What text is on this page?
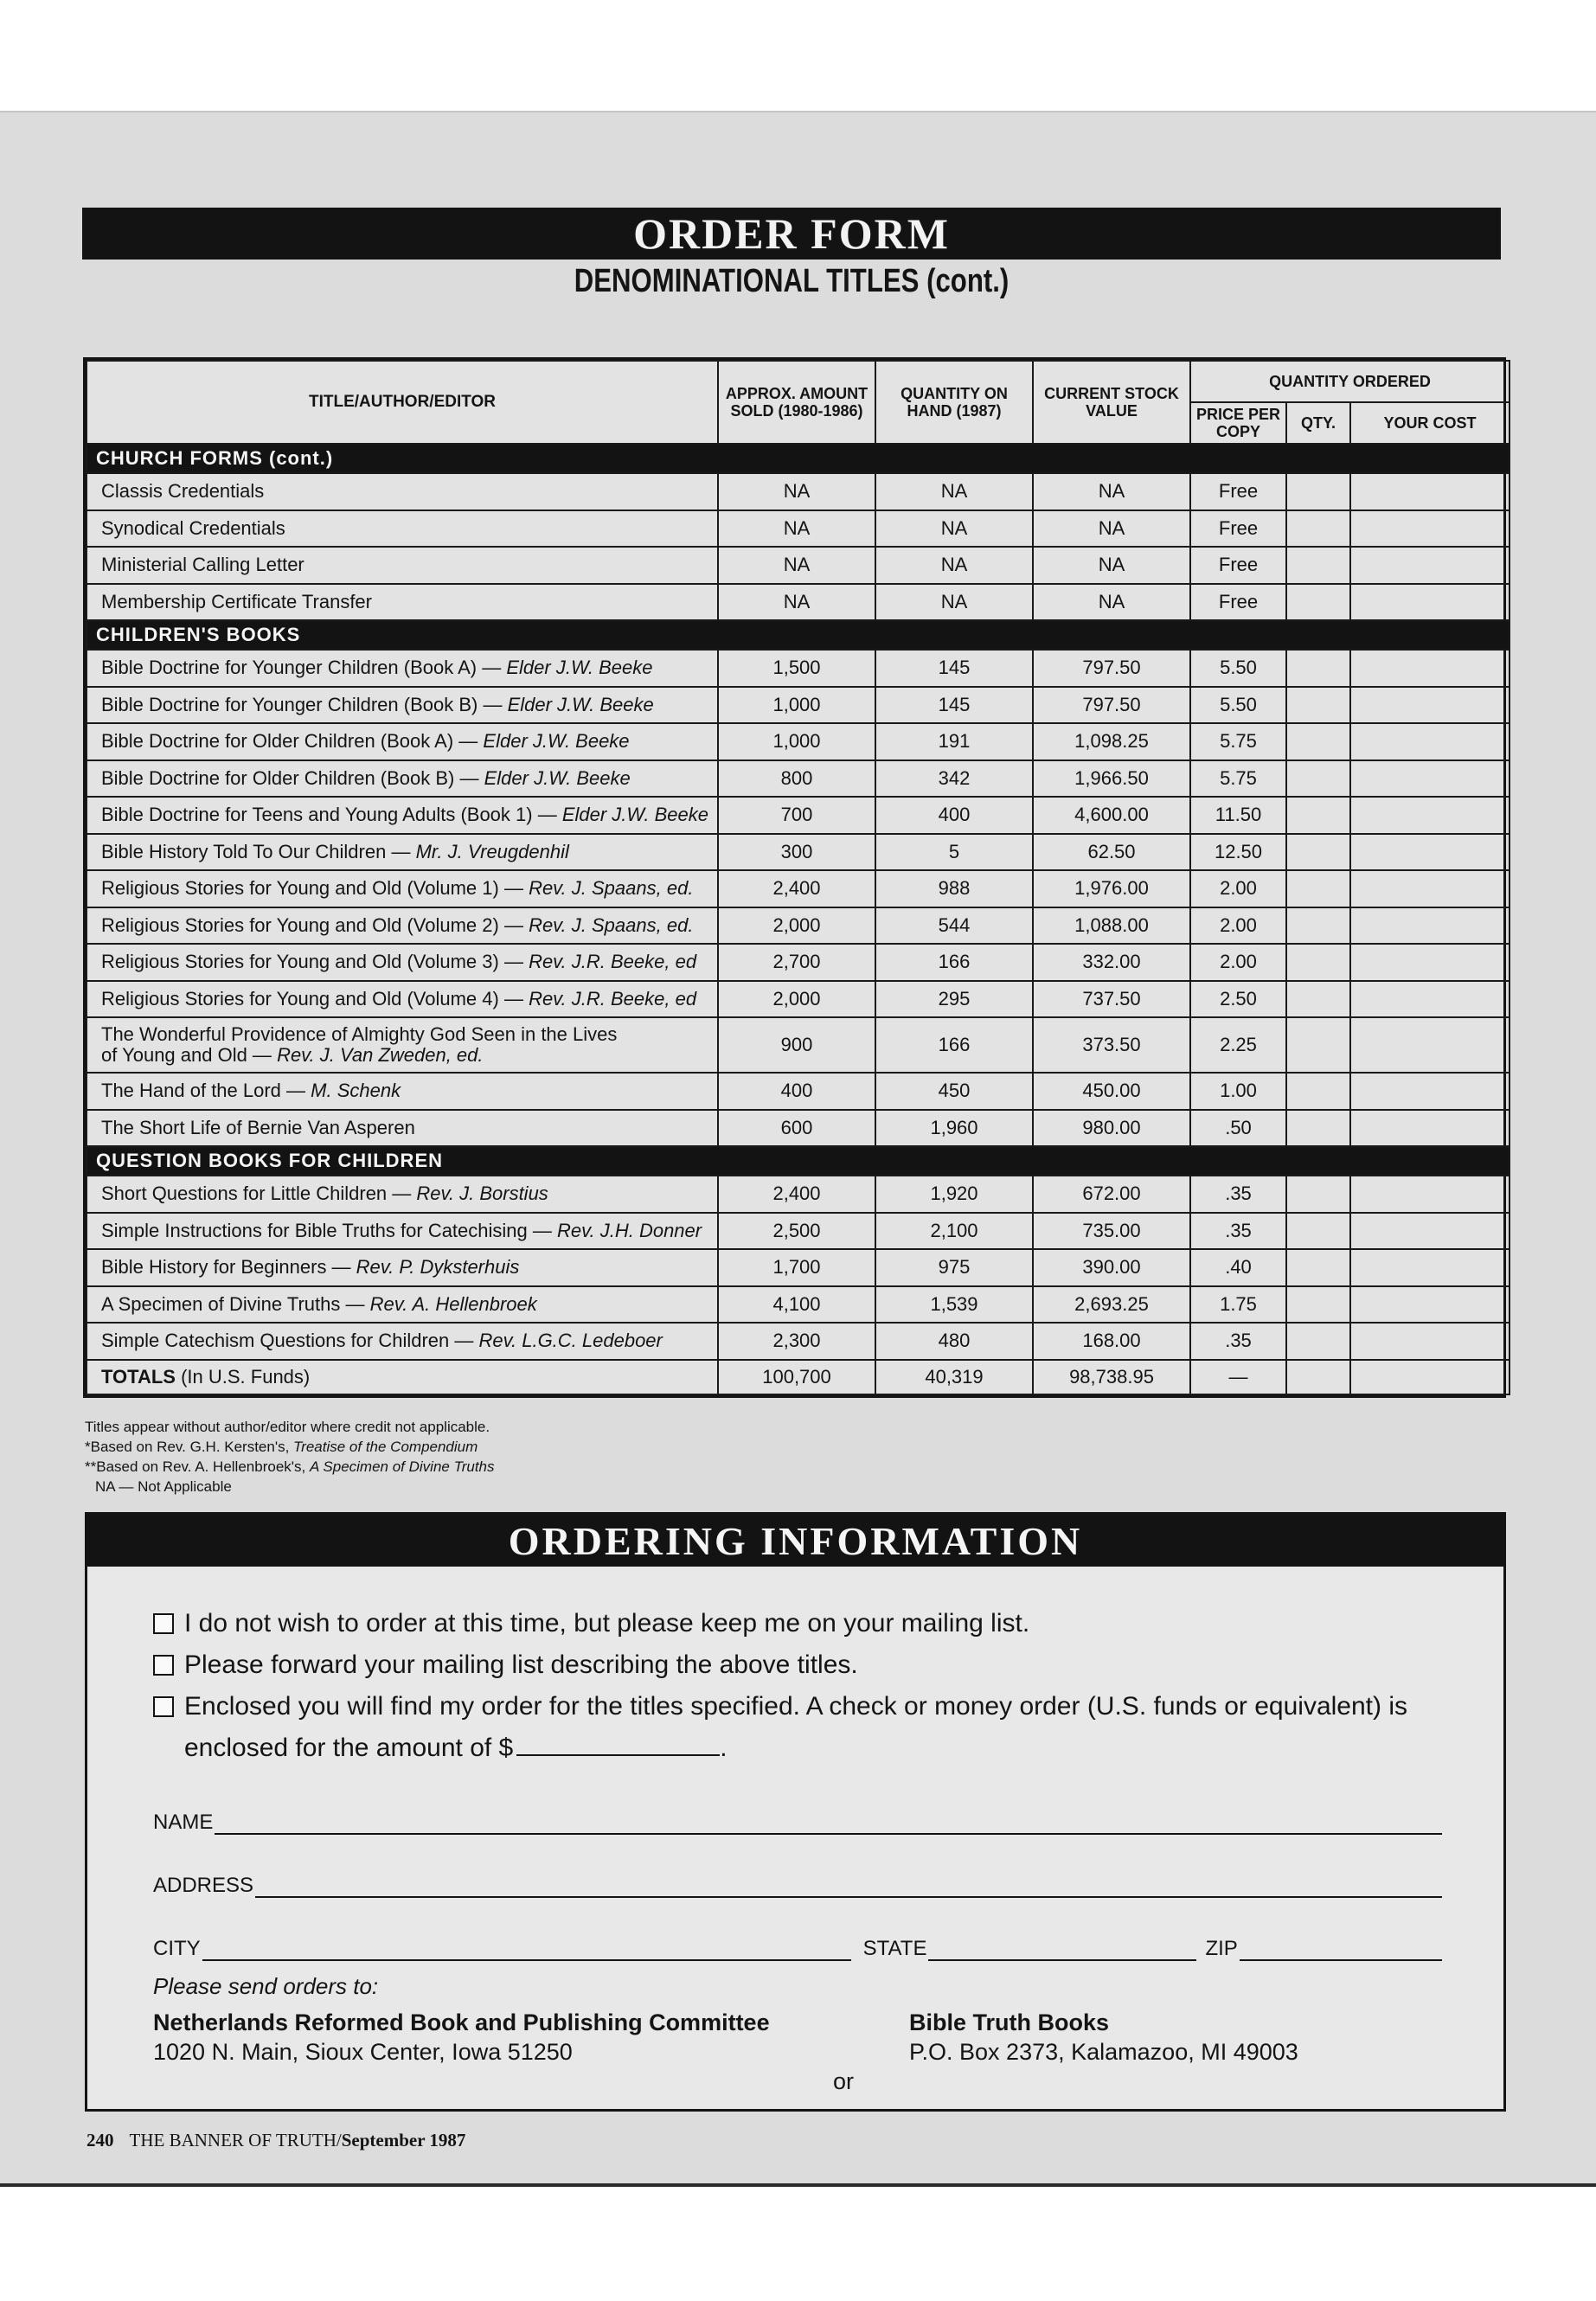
ORDER FORM
DENOMINATIONAL TITLES (cont.)
TITLE/AUTHOR/EDITOR	APPROX. AMOUNT SOLD (1980-1986)	QUANTITY ON HAND (1987)	CURRENT STOCK VALUE	QUANTITY ORDERED		
				PRICE PER COPY	QTY.	YOUR COST
CHURCH FORMS (cont.)						
Classis Credentials	NA	NA	NA	Free		
Synodical Credentials	NA	NA	NA	Free		
Ministerial Calling Letter	NA	NA	NA	Free		
Membership Certificate Transfer	NA	NA	NA	Free		
CHILDREN'S BOOKS						
Bible Doctrine for Younger Children (Book A) — Elder J.W. Beeke	1,500	145	797.50	5.50		
Bible Doctrine for Younger Children (Book B) — Elder J.W. Beeke	1,000	145	797.50	5.50		
Bible Doctrine for Older Children (Book A) — Elder J.W. Beeke	1,000	191	1,098.25	5.75		
Bible Doctrine for Older Children (Book B) — Elder J.W. Beeke	800	342	1,966.50	5.75		
Bible Doctrine for Teens and Young Adults (Book 1) — Elder J.W. Beeke	700	400	4,600.00	11.50		
Bible History Told To Our Children — Mr. J. Vreugdenhil	300	5	62.50	12.50		
Religious Stories for Young and Old (Volume 1) — Rev. J. Spaans, ed.	2,400	988	1,976.00	2.00		
Religious Stories for Young and Old (Volume 2) — Rev. J. Spaans, ed.	2,000	544	1,088.00	2.00		
Religious Stories for Young and Old (Volume 3) — Rev. J.R. Beeke, ed	2,700	166	332.00	2.00		
Religious Stories for Young and Old (Volume 4) — Rev. J.R. Beeke, ed	2,000	295	737.50	2.50		
The Wonderful Providence of Almighty God Seen in the Lives
of Young and Old — Rev. J. Van Zweden, ed.	900	166	373.50	2.25		
The Hand of the Lord — M. Schenk	400	450	450.00	1.00		
The Short Life of Bernie Van Asperen	600	1,960	980.00	.50		
QUESTION BOOKS FOR CHILDREN						
Short Questions for Little Children — Rev. J. Borstius	2,400	1,920	672.00	.35		
Simple Instructions for Bible Truths for Catechising — Rev. J.H. Donner	2,500	2,100	735.00	.35		
Bible History for Beginners — Rev. P. Dyksterhuis	1,700	975	390.00	.40		
A Specimen of Divine Truths — Rev. A. Hellenbroek	4,100	1,539	2,693.25	1.75		
Simple Catechism Questions for Children — Rev. L.G.C. Ledeboer	2,300	480	168.00	.35		
TOTALS (In U.S. Funds)	100,700	40,319	98,738.95	—		
Titles appear without author/editor where credit not applicable.
*Based on Rev. G.H. Kersten's, Treatise of the Compendium
**Based on Rev. A. Hellenbroek's, A Specimen of Divine Truths
NA — Not Applicable
ORDERING INFORMATION
I do not wish to order at this time, but please keep me on your mailing list.
Please forward your mailing list describing the above titles.
Enclosed you will find my order for the titles specified. A check or money order (U.S. funds or equivalent) is enclosed for the amount of $	.
NAME
ADDRESS
CITY	STATE	ZIP
Please send orders to:
Netherlands Reformed Book and Publishing Committee
1020 N. Main, Sioux Center, Iowa 51250
or
Bible Truth Books
P.O. Box 2373, Kalamazoo, MI 49003
240 THE BANNER OF TRUTH/September 1987
